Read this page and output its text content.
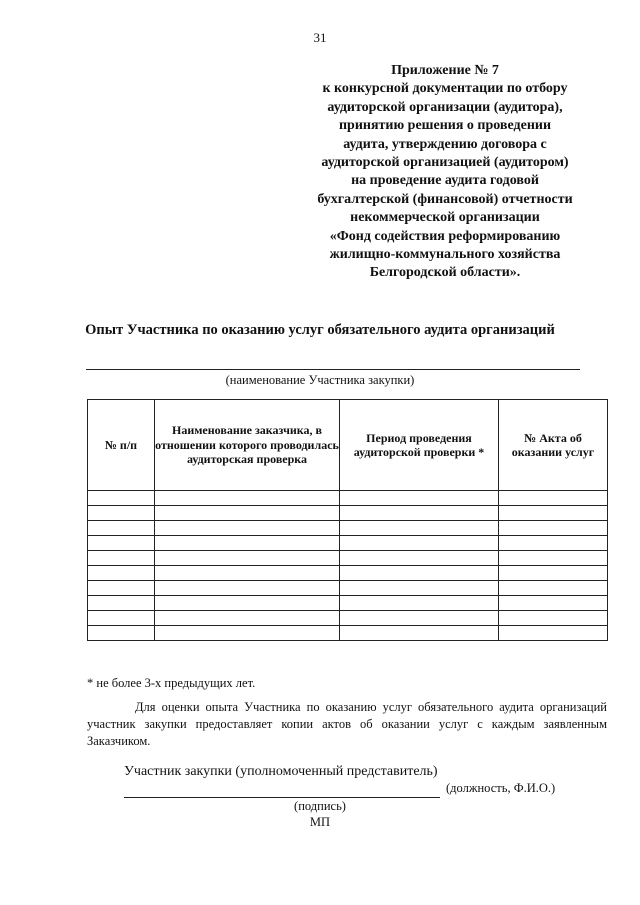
31
Приложение № 7
к конкурсной документации по отбору
аудиторской организации (аудитора),
принятию решения о проведении
аудита, утверждению договора с
аудиторской организацией (аудитором)
на проведение аудита годовой
бухгалтерской (финансовой) отчетности
некоммерческой организации
«Фонд содействия реформированию
жилищно-коммунального хозяйства
Белгородской области».
Опыт Участника по оказанию услуг обязательного аудита организаций
(наименование Участника закупки)
№ п/п	Наименование заказчика, в отношении которого проводилась аудиторская проверка	Период проведения аудиторской проверки *	№ Акта об оказании услуг

* не более 3-х предыдущих лет.
Для оценки опыта Участника по оказанию услуг обязательного аудита организаций участник закупки предоставляет копии актов об оказании услуг с каждым заявленным Заказчиком.
Участник закупки (уполномоченный представитель)
(должность, Ф.И.О.)
(подпись)
МП
